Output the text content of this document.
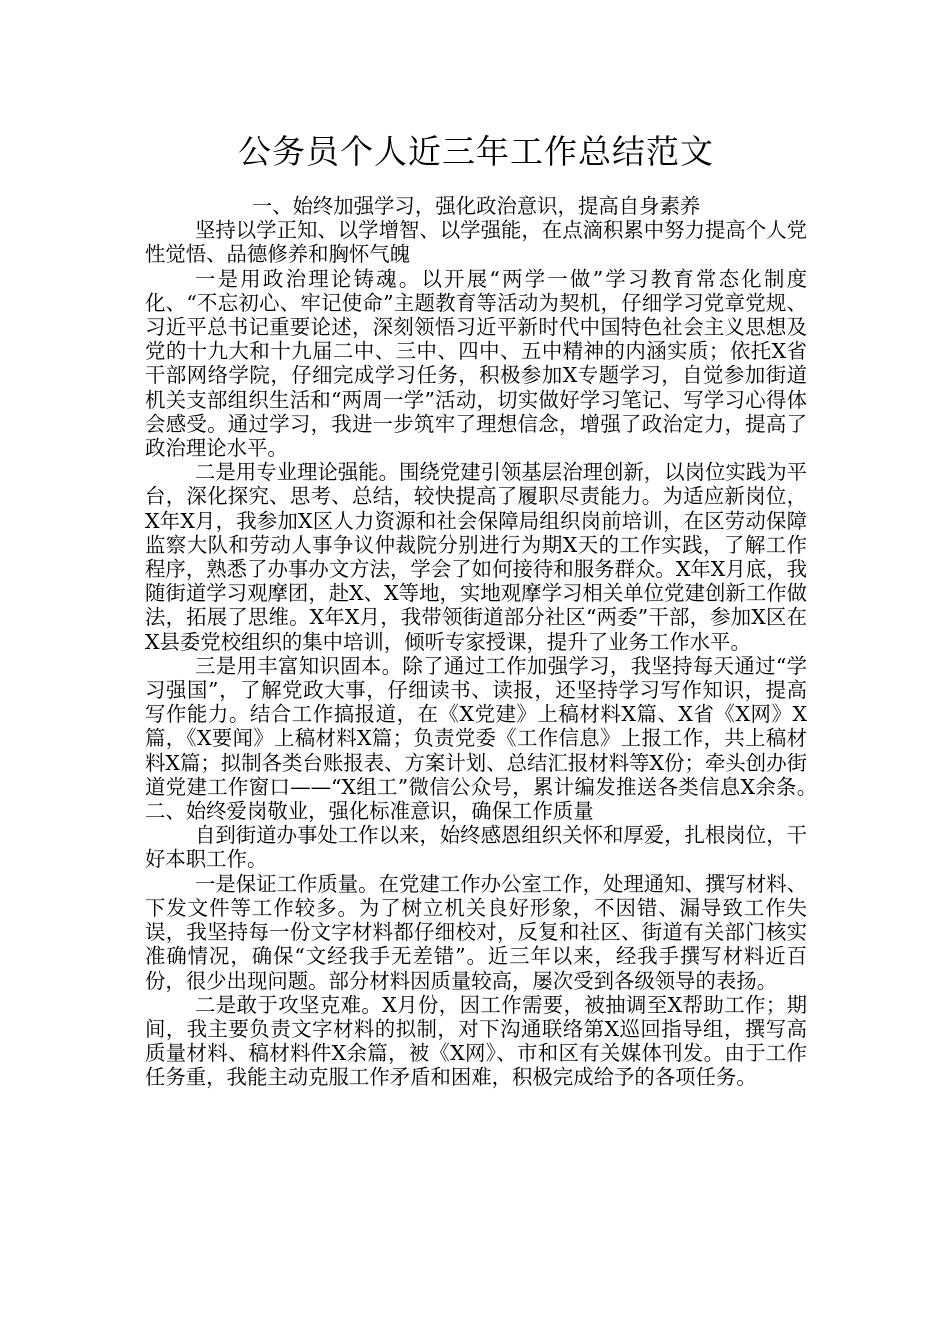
公务员个人近三年工作总结范文

一、始终加强学习，强化政治意识，提高自身素养

坚持以学正知、以学增智、以学强能，在点滴积累中努力提高个人党性觉悟、品德修养和胸怀气魄

一是用政治理论铸魂。以开展“两学一做”学习教育常态化制度化、“不忘初心、牢记使命”主题教育等活动为契机，仔细学习党章党规、习近平总书记重要论述，深刻领悟习近平新时代中国特色社会主义思想及党的十九大和十九届二中、三中、四中、五中精神的内涵实质；依托X省干部网络学院，仔细完成学习任务，积极参加X专题学习，自觉参加街道机关支部组织生活和“两周一学”活动，切实做好学习笔记、写学习心得体会感受。通过学习，我进一步筑牢了理想信念，增强了政治定力，提高了政治理论水平。

二是用专业理论强能。围绕党建引领基层治理创新，以岗位实践为平台，深化探究、思考、总结，较快提高了履职尽责能力。为适应新岗位，X年X月，我参加X区人力资源和社会保障局组织岗前培训，在区劳动保障监察大队和劳动人事争议仲裁院分别进行为期X天的工作实践，了解工作程序，熟悉了办事办文方法，学会了如何接待和服务群众。X年X月底，我随街道学习观摩团，赴X、X等地，实地观摩学习相关单位党建创新工作做法，拓展了思维。X年X月，我带领街道部分社区“两委”干部，参加X区在X县委党校组织的集中培训，倾听专家授课，提升了业务工作水平。

三是用丰富知识固本。除了通过工作加强学习，我坚持每天通过“学习强国”，了解党政大事，仔细读书、读报，还坚持学习写作知识，提高写作能力。结合工作搞报道，在《X党建》上稿材料X篇、X省《X网》X篇，《X要闻》上稿材料X篇；负责党委《工作信息》上报工作，共上稿材料X篇；拟制各类台账报表、方案计划、总结汇报材料等X份；牵头创办街道党建工作窗口——“X组工”微信公众号，累计编发推送各类信息X余条。　　二、始终爱岗敬业，强化标准意识，确保工作质量

自到街道办事处工作以来，始终感恩组织关怀和厚爱，扎根岗位，干好本职工作。

一是保证工作质量。在党建工作办公室工作，处理通知、撰写材料、下发文件等工作较多。为了树立机关良好形象，不因错、漏导致工作失误，我坚持每一份文字材料都仔细校对，反复和社区、街道有关部门核实准确情况，确保“文经我手无差错”。近三年以来，经我手撰写材料近百份，很少出现问题。部分材料因质量较高，屡次受到各级领导的表扬。

二是敢于攻坚克难。X月份，因工作需要，被抽调至X帮助工作；期间，我主要负责文字材料的拟制，对下沟通联络第X巡回指导组，撰写高质量材料、稿材料件X余篇，被《X网》、市和区有关媒体刊发。由于工作任务重，我能主动克服工作矛盾和困难，积极完成给予的各项任务。
